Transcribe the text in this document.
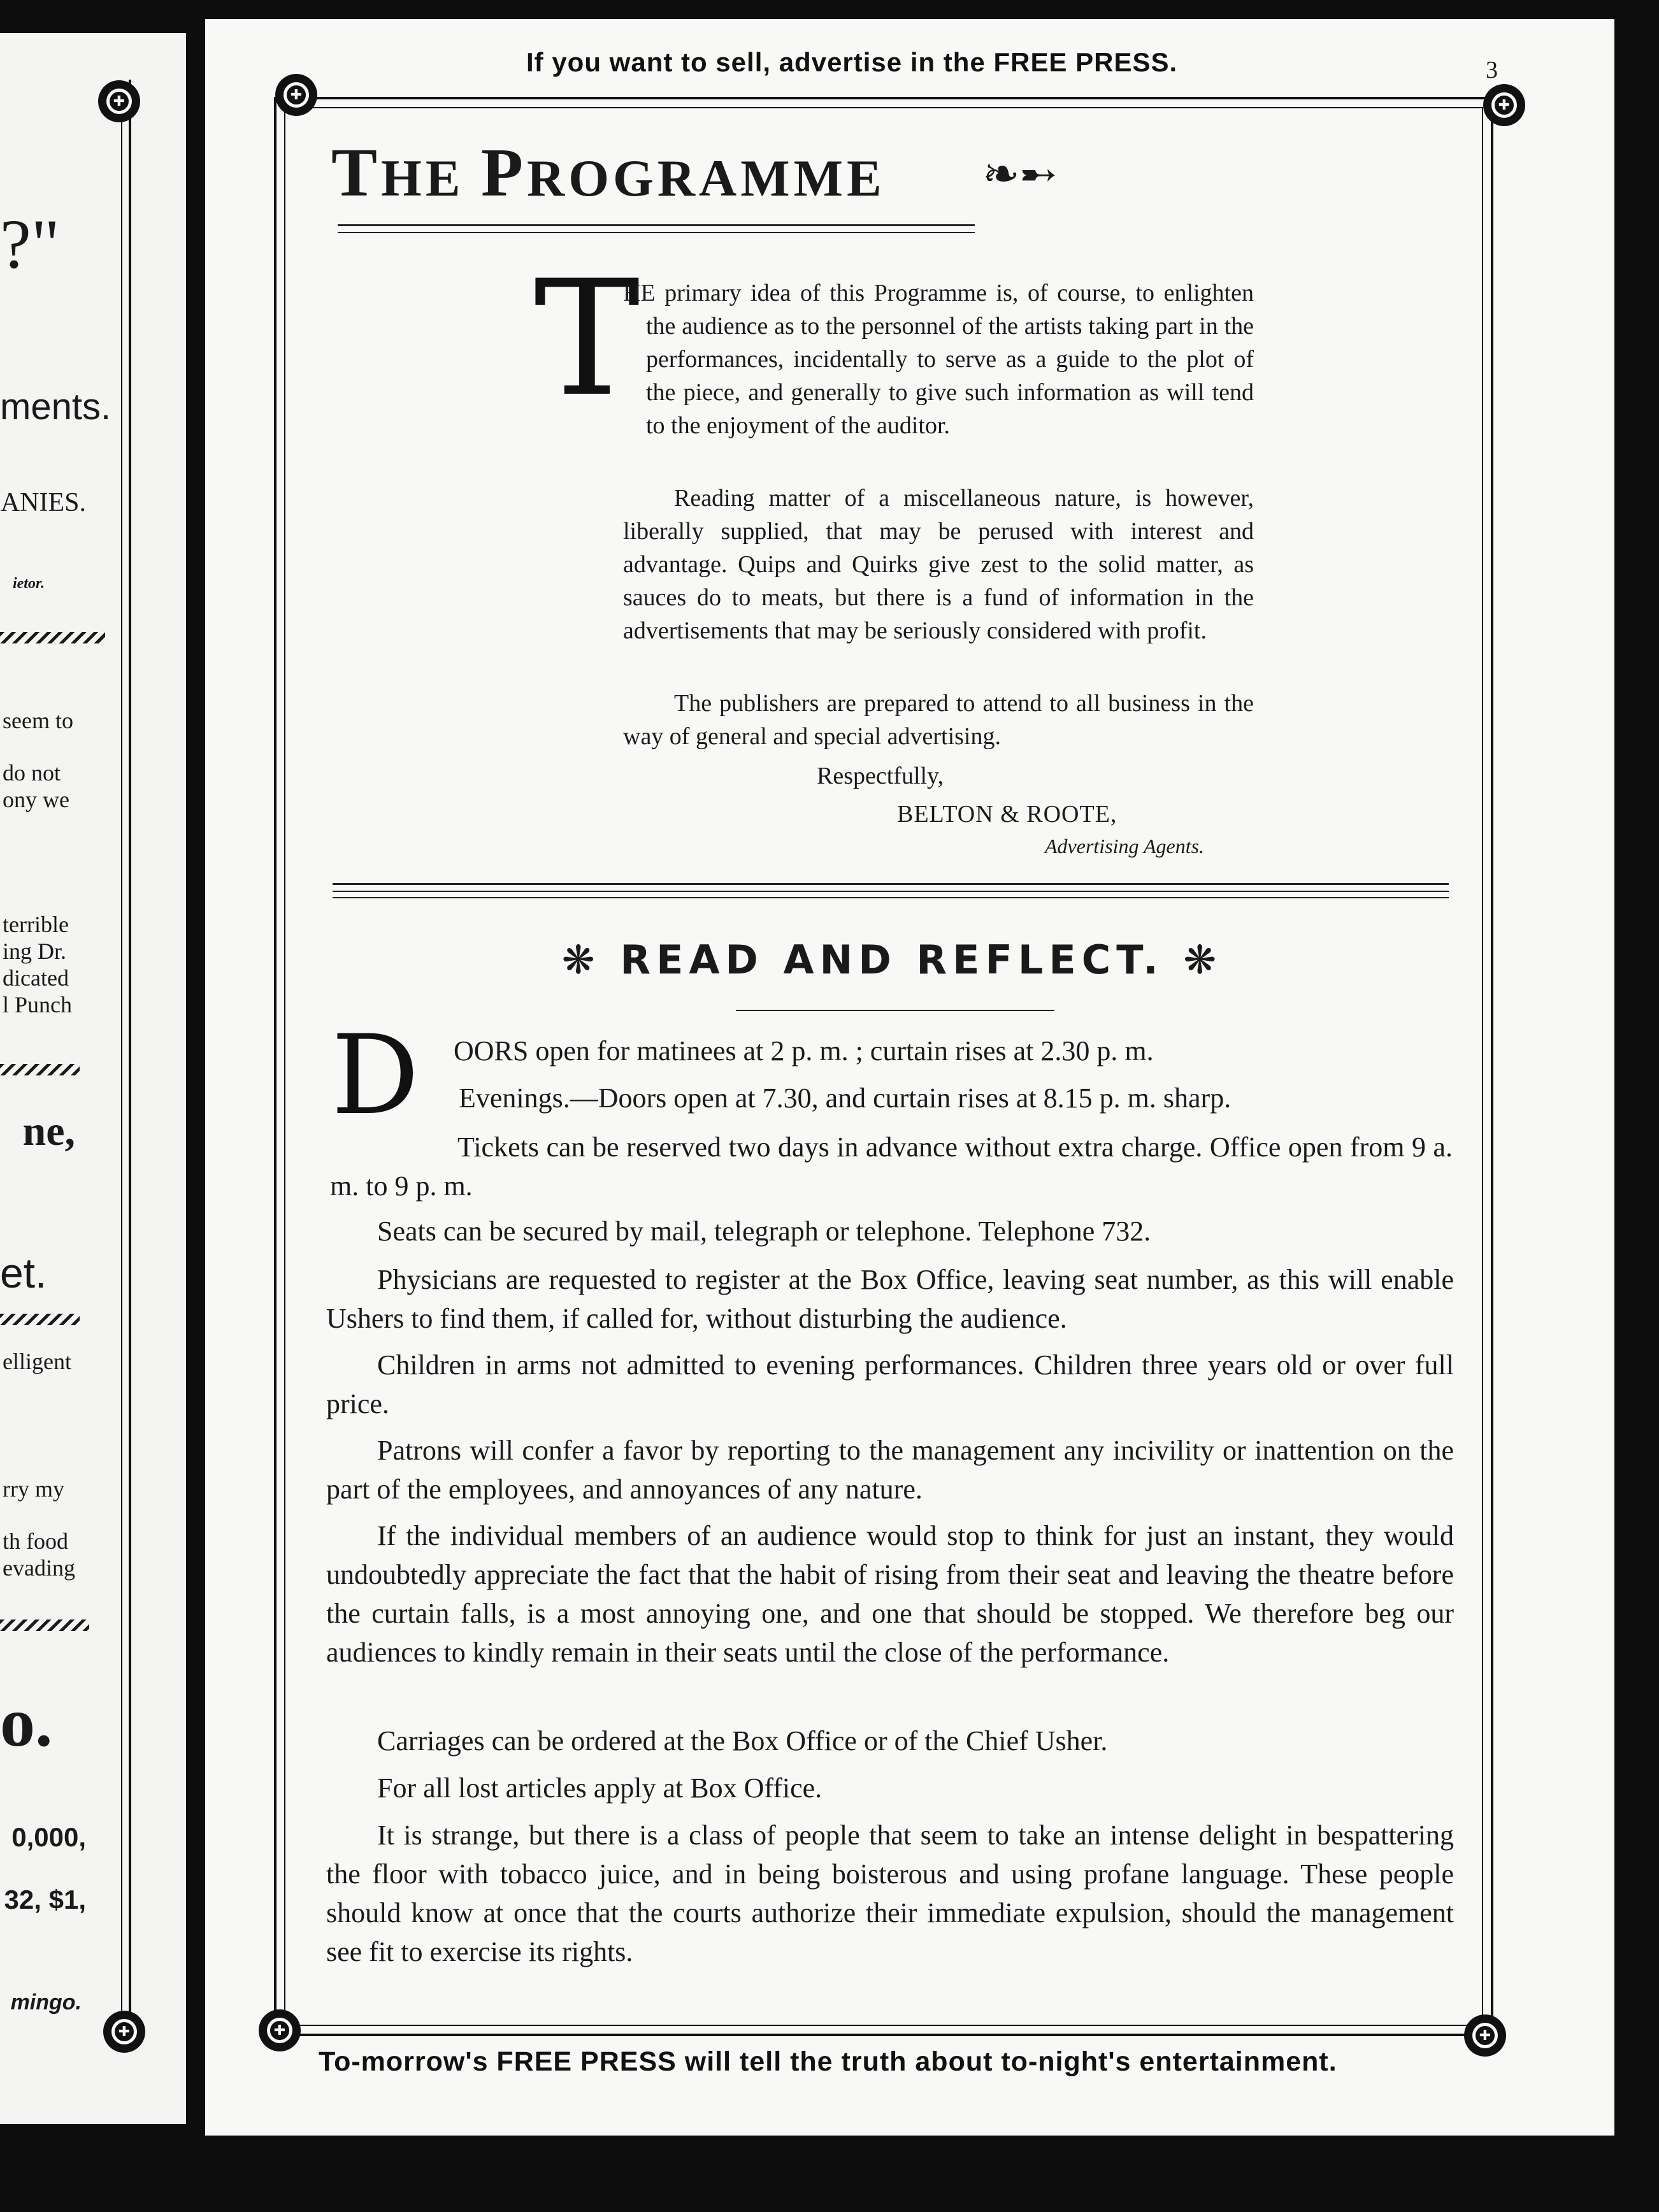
✚
✚
?"
ments.
ANIES.
ietor.
seem to
do not
ony we
terrible
ing Dr.
dicated
l Punch
ne,
et.
elligent
rry my
th food
evading
o.
0,000,
32, $1,
mingo.
If you want to sell, advertise in the FREE PRESS.	3
✚
✚
✚
✚
THE PROGRAMME ❧➸
T
HE primary idea of this Programme is, of course, to enlighten the audience as to the personnel of the artists taking part in the performances, incidentally to serve as a guide to the plot of the piece, and generally to give such information as will tend to the enjoyment of the auditor.
Reading matter of a miscellaneous nature, is however, liberally supplied, that may be perused with interest and advantage. Quips and Quirks give zest to the solid matter, as sauces do to meats, but there is a fund of information in the advertisements that may be seriously considered with profit.
The publishers are prepared to attend to all business in the way of general and special advertising.
Respectfully,
BELTON & ROOTE,
Advertising Agents.
❋ READ AND REFLECT. ❋
D OORS open for matinees at 2 p. m. ; curtain rises at 2.30 p. m.
Evenings.—Doors open at 7.30, and curtain rises at 8.15 p. m. sharp.
Tickets can be reserved two days in advance without extra charge. Office open from 9 a. m. to 9 p. m.
Seats can be secured by mail, telegraph or telephone. Telephone 732.
Physicians are requested to register at the Box Office, leaving seat number, as this will enable Ushers to find them, if called for, without disturbing the audience.
Children in arms not admitted to evening performances. Children three years old or over full price.
Patrons will confer a favor by reporting to the management any incivility or inattention on the part of the employees, and annoyances of any nature.
If the individual members of an audience would stop to think for just an instant, they would undoubtedly appreciate the fact that the habit of rising from their seat and leaving the theatre before the curtain falls, is a most annoying one, and one that should be stopped. We therefore beg our audiences to kindly remain in their seats until the close of the performance.
Carriages can be ordered at the Box Office or of the Chief Usher.
For all lost articles apply at Box Office.
It is strange, but there is a class of people that seem to take an intense delight in bespattering the floor with tobacco juice, and in being boisterous and using profane language. These people should know at once that the courts authorize their immediate expulsion, should the management see fit to exercise its rights.
To-morrow's FREE PRESS will tell the truth about to-night's entertainment.
